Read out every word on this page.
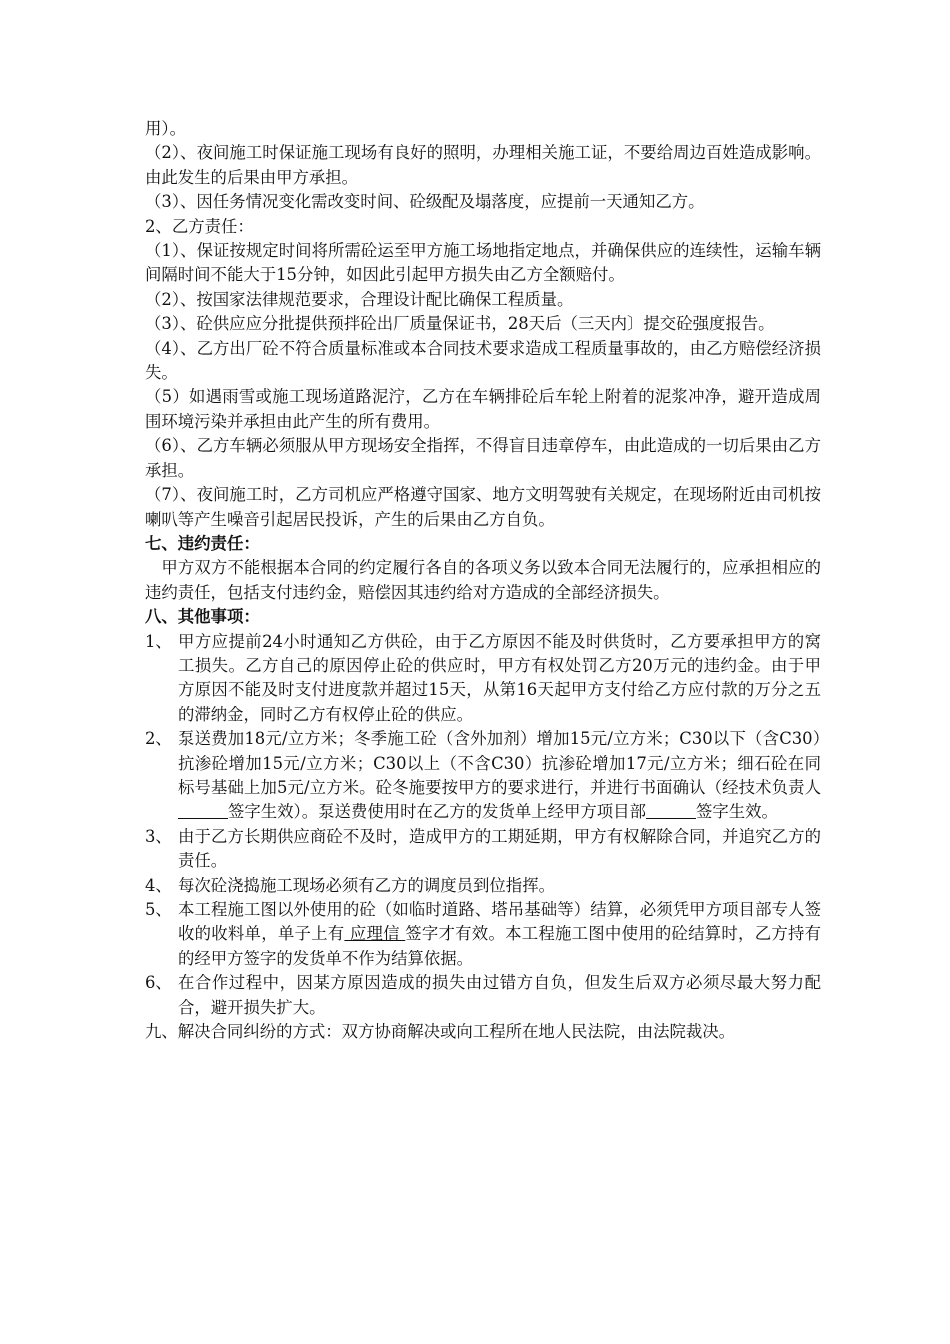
用）。

（2）、夜间施工时保证施工现场有良好的照明，办理相关施工证，不要给周边百姓造成影响。由此发生的后果由甲方承担。

（3）、因任务情况变化需改变时间、砼级配及塌落度，应提前一天通知乙方。

2、乙方责任：

（1）、保证按规定时间将所需砼运至甲方施工场地指定地点，并确保供应的连续性，运输车辆间隔时间不能大于15分钟，如因此引起甲方损失由乙方全额赔付。

（2）、按国家法律规范要求，合理设计配比确保工程质量。

（3）、砼供应应分批提供预拌砼出厂质量保证书，28天后（三天内〕提交砼强度报告。

（4）、乙方出厂砼不符合质量标准或本合同技术要求造成工程质量事故的，由乙方赔偿经济损失。

（5）如遇雨雪或施工现场道路泥泞，乙方在车辆排砼后车轮上附着的泥浆冲净，避开造成周围环境污染并承担由此产生的所有费用。

（6）、乙方车辆必须服从甲方现场安全指挥，不得盲目违章停车，由此造成的一切后果由乙方承担。

（7）、夜间施工时，乙方司机应严格遵守国家、地方文明驾驶有关规定，在现场附近由司机按喇叭等产生噪音引起居民投诉，产生的后果由乙方自负。

七、违约责任：

甲方双方不能根据本合同的约定履行各自的各项义务以致本合同无法履行的，应承担相应的违约责任，包括支付违约金，赔偿因其违约给对方造成的全部经济损失。

八、其他事项：

1、 甲方应提前24小时通知乙方供砼，由于乙方原因不能及时供货时，乙方要承担甲方的窝工损失。乙方自己的原因停止砼的供应时，甲方有权处罚乙方20万元的违约金。由于甲方原因不能及时支付进度款并超过15天，从第16天起甲方支付给乙方应付款的万分之五的滞纳金，同时乙方有权停止砼的供应。
2、 泵送费加18元/立方米；冬季施工砼（含外加剂）增加15元/立方米；C30以下（含C30）抗渗砼增加15元/立方米；C30以上（不含C30）抗渗砼增加17元/立方米；细石砼在同标号基础上加5元/立方米。砼冬施要按甲方的要求进行，并进行书面确认（经技术负责人签字生效）。泵送费使用时在乙方的发货单上经甲方项目部	签字生效。
3、 由于乙方长期供应商砼不及时，造成甲方的工期延期，甲方有权解除合同，并追究乙方的责任。
4、 每次砼浇捣施工现场必须有乙方的调度员到位指挥。
5、 本工程施工图以外使用的砼（如临时道路、塔吊基础等）结算，必须凭甲方项目部专人签收的收料单，单子上有 应理信 签字才有效。本工程施工图中使用的砼结算时，乙方持有的经甲方签字的发货单不作为结算依据。
6、 在合作过程中，因某方原因造成的损失由过错方自负，但发生后双方必须尽最大努力配合，避开损失扩大。

九、解决合同纠纷的方式：双方协商解决或向工程所在地人民法院，由法院裁决。
